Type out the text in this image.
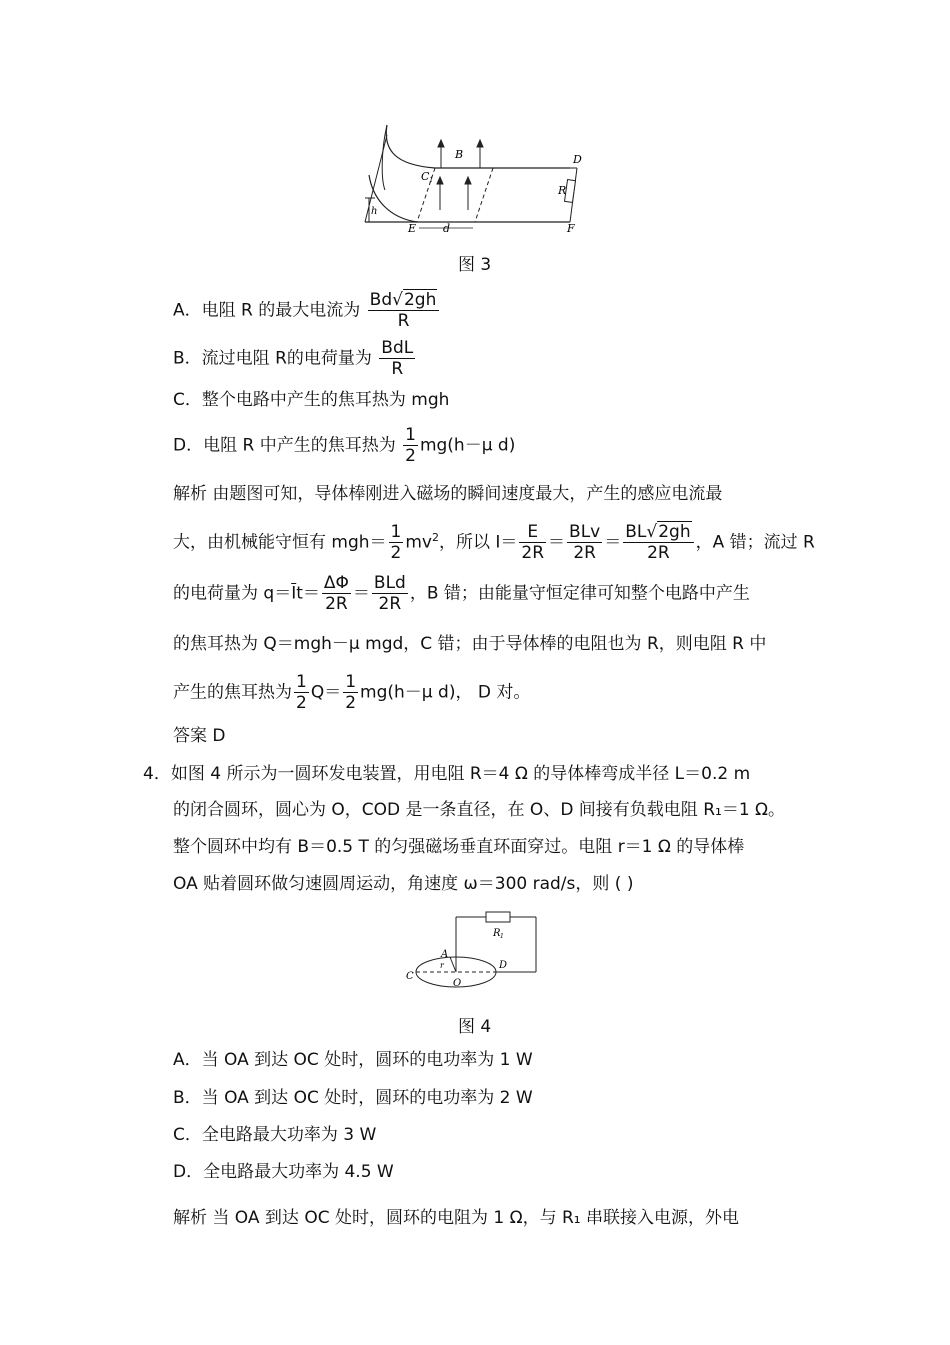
B
C 1
D
R
h
E d	F
图 3
A．电阻 R 的最大电流为 $\frac{Bd√2gh}{R}$
B．流过电阻 R的电荷量为 $\frac{\text{BdL}}{R}$
C．整个电路中产生的焦耳热为 mgh
D．电阻 R 中产生的焦耳热为 $\frac{1}{2} mg(h-\mu$ d)
解析 由题图可知，导体棒刚进入磁场的瞬间速度最大，产生的感应电流最
大，由机械能守恒有 $mgh= \frac{1}{2} mv^2$，所以 $I= \frac{E}{2R} = \frac{\text{BLv}}{2R} = \frac{BL√2gh}{2R}$ ，A 错；流过 R
的电荷量为 $q=\overline{I}t= \frac{\Delta\Phi}{2R} = \frac{\text{BLd}}{2R}$ ，B 错；由能量守恒定律可知整个电路中产生
的焦耳热为 Q＝mgh－μ mgd，C 错；由于导体棒的电阻也为 R，则电阻 R 中
产生的焦耳热为 $\frac{1}{2} Q= \frac{1}{2} mg(h-\mu$ d)， D 对。
答案 D
4．如图 4 所示为一圆环发电装置，用电阻 R＝4 Ω 的导体棒弯成半径 L＝0.2 m
的闭合圆环，圆心为 O，COD 是一条直径，在 O、D 间接有负载电阻 R₁＝1 Ω。
整个圆环中均有 B＝0.5 T 的匀强磁场垂直环面穿过。电阻 r＝1 Ω 的导体棒
OA 贴着圆环做匀速圆周运动，角速度 ω＝300 rad/s，则 ( )
R 1
A
r
C
O
D
图 4
A．当 OA 到达 OC 处时，圆环的电功率为 1 W
B．当 OA 到达 OC 处时，圆环的电功率为 2 W
C．全电路最大功率为 3 W
D．全电路最大功率为 4.5 W
解析 当 OA 到达 OC 处时，圆环的电阻为 1 Ω，与 R₁ 串联接入电源，外电
